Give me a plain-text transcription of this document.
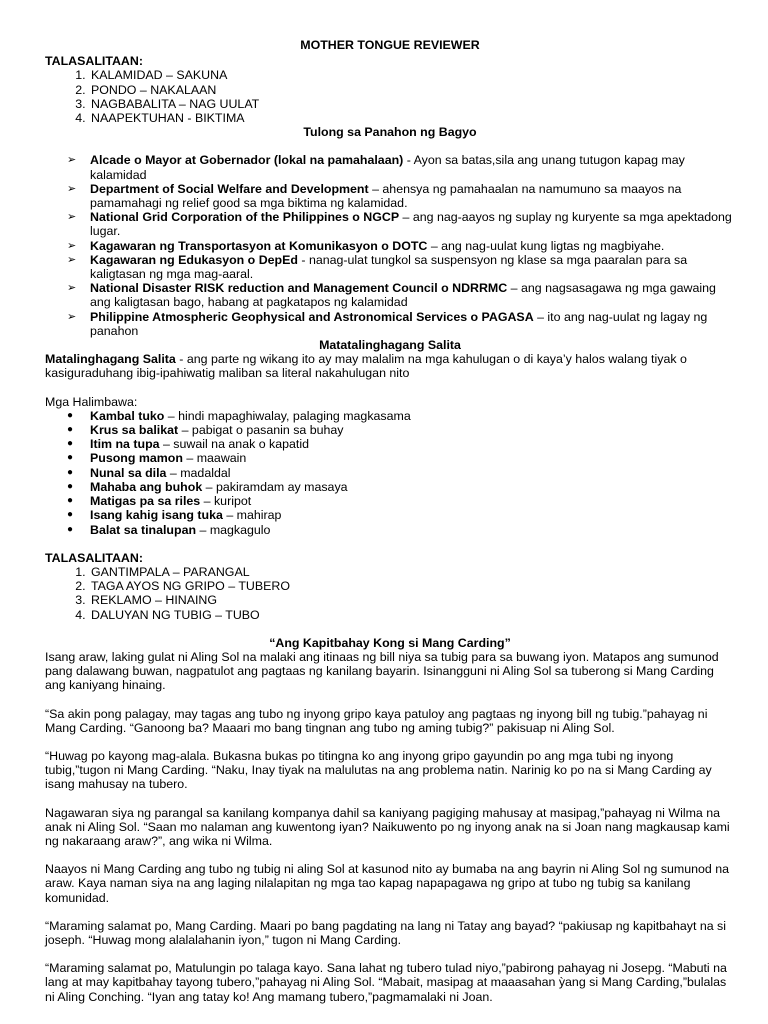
MOTHER TONGUE REVIEWER
TALASALITAAN:
1. KALAMIDAD – SAKUNA
2. PONDO – NAKALAAN
3. NAGBABALITA – NAG UULAT
4. NAAPEKTUHAN - BIKTIMA
Tulong sa Panahon ng Bagyo
➢ Alcade o Mayor at Gobernador (lokal na pamahalaan) - Ayon sa batas,sila ang unang tutugon kapag may kalamidad
➢ Department of Social Welfare and Development – ahensya ng pamahaalan na namumuno sa maayos na pamamahagi ng relief good sa mga biktima ng kalamidad.
➢ National Grid Corporation of the Philippines o NGCP – ang nag-aayos ng suplay ng kuryente sa mga apektadong lugar.
➢ Kagawaran ng Transportasyon at Komunikasyon o DOTC – ang nag-uulat kung ligtas ng magbiyahe.
➢ Kagawaran ng Edukasyon o DepEd - nanag-ulat tungkol sa suspensyon ng klase sa mga paaralan para sa kaligtasan ng mga mag-aaral.
➢ National Disaster RISK reduction and Management Council o NDRRMC – ang nagsasagawa ng mga gawaing ang kaligtasan bago, habang at pagkatapos ng kalamidad
➢ Philippine Atmospheric Geophysical and Astronomical Services o PAGASA – ito ang nag-uulat ng lagay ng panahon
Matatalinghagang Salita

Matalinghagang Salita - ang parte ng wikang ito ay may malalim na mga kahulugan o di kaya’y halos walang tiyak o kasiguraduhang ibig-ipahiwatig maliban sa literal nakahulugan nito

Mga Halimbawa:
● Kambal tuko – hindi mapaghiwalay, palaging magkasama
● Krus sa balikat – pabigat o pasanin sa buhay
● Itim na tupa – suwail na anak o kapatid
● Pusong mamon – maawain
● Nunal sa dila – madaldal
● Mahaba ang buhok – pakiramdam ay masaya
● Matigas pa sa riles – kuripot
● Isang kahig isang tuka – mahirap
● Balat sa tinalupan – magkagulo
TALASALITAAN:
1. GANTIMPALA – PARANGAL
2. TAGA AYOS NG GRIPO – TUBERO
3. REKLAMO – HINAING
4. DALUYAN NG TUBIG – TUBO
“Ang Kapitbahay Kong si Mang Carding”

Isang araw, laking gulat ni Aling Sol na malaki ang itinaas ng bill niya sa tubig para sa buwang iyon. Matapos ang sumunod pang dalawang buwan, nagpatulot ang pagtaas ng kanilang bayarin. Isinangguni ni Aling Sol sa tuberong si Mang Carding ang kaniyang hinaing.

“Sa akin pong palagay, may tagas ang tubo ng inyong gripo kaya patuloy ang pagtaas ng inyong bill ng tubig.”pahayag ni Mang Carding. “Ganoong ba? Maaari mo bang tingnan ang tubo ng aming tubig?” pakisuap ni Aling Sol.

“Huwag po kayong mag-alala. Bukasna bukas po titingna ko ang inyong gripo gayundin po ang mga tubi ng inyong tubig,”tugon ni Mang Carding. “Naku, Inay tiyak na malulutas na ang problema natin. Narinig ko po na si Mang Carding ay isang mahusay na tubero.

Nagawaran siya ng parangal sa kanilang kompanya dahil sa kaniyang pagiging mahusay at masipag,”pahayag ni Wilma na anak ni Aling Sol. “Saan mo nalaman ang kuwentong iyan? Naikuwento po ng inyong anak na si Joan nang magkausap kami ng nakaraang araw?”, ang wika ni Wilma.

Naayos ni Mang Carding ang tubo ng tubig ni aling Sol at kasunod nito ay bumaba na ang bayrin ni Aling Sol ng sumunod na araw. Kaya naman siya na ang laging nilalapitan ng mga tao kapag napapagawa ng gripo at tubo ng tubig sa kanilang komunidad.

“Maraming salamat po, Mang Carding. Maari po bang pagdating na lang ni Tatay ang bayad? “pakiusap ng kapitbahayt na si joseph. “Huwag mong alalalahanin iyon,” tugon ni Mang Carding.

“Maraming salamat po, Matulungin po talaga kayo. Sana lahat ng tubero tulad niyo,”pabirong pahayag ni Josepg. “Mabuti na lang at may kapitbahay tayong tubero,”pahayag ni Aling Sol. “Mabait, masipag at maaasahan ỳang si Mang Carding,”bulalas ni Aling Conching. “Iyan ang tatay ko! Ang mamang tubero,”pagmamalaki ni Joan.
